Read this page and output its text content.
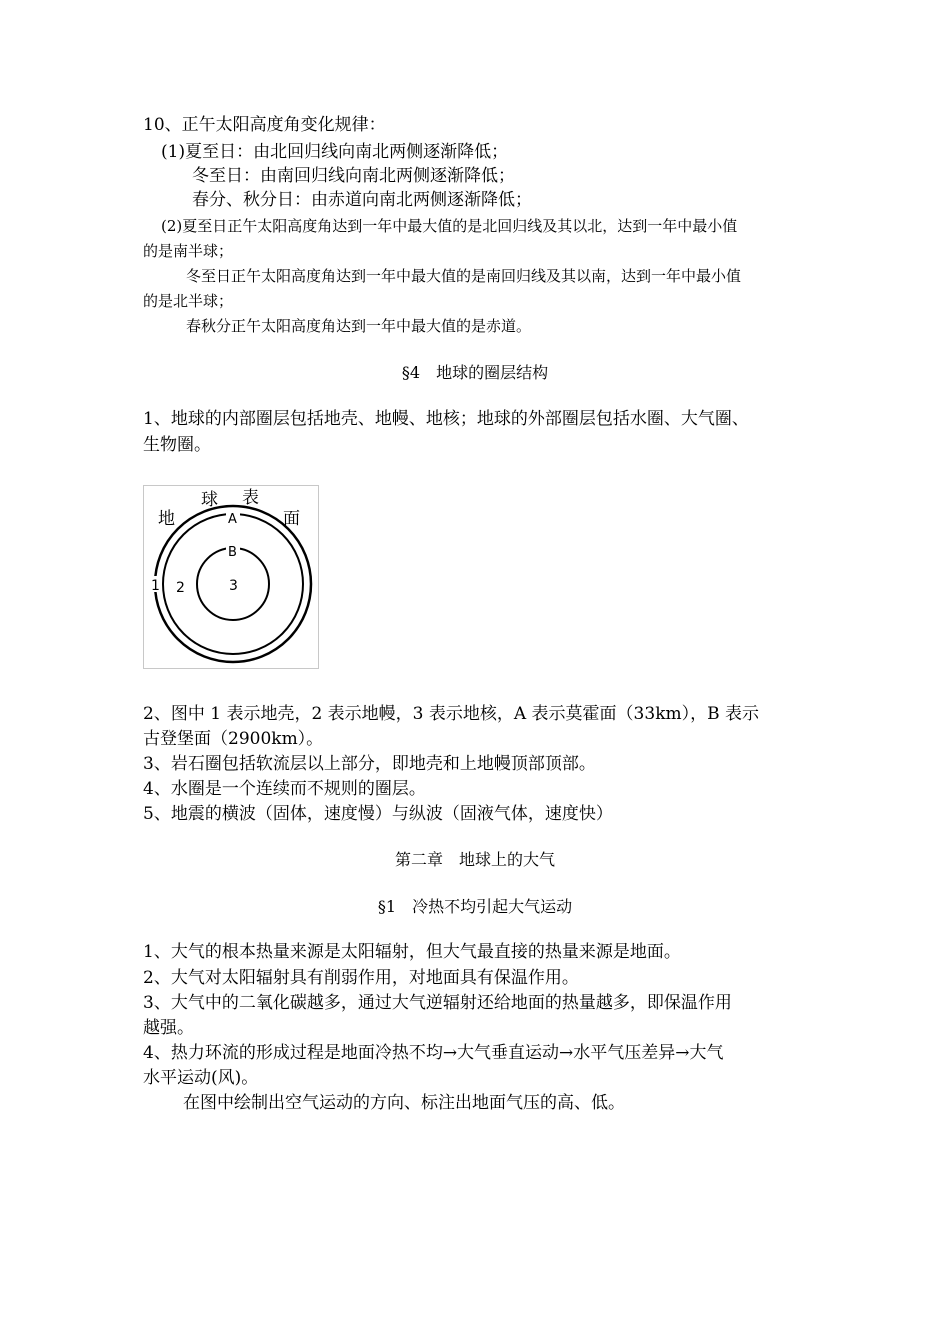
10、正午太阳高度角变化规律：
(1)夏至日：由北回归线向南北两侧逐渐降低；
冬至日：由南回归线向南北两侧逐渐降低；
春分、秋分日：由赤道向南北两侧逐渐降低；
(2)夏至日正午太阳高度角达到一年中最大值的是北回归线及其以北，达到一年中最小值
的是南半球；
冬至日正午太阳高度角达到一年中最大值的是南回归线及其以南，达到一年中最小值
的是北半球；
春秋分正午太阳高度角达到一年中最大值的是赤道。
§4　地球的圈层结构
1、地球的内部圈层包括地壳、地幔、地核；地球的外部圈层包括水圈、大气圈、
生物圈。
地
球 表
面
A
B
1 2	3
2、图中 1 表示地壳，2 表示地幔，3 表示地核，A 表示莫霍面（33km），B 表示
古登堡面（2900km）。
3、岩石圈包括软流层以上部分，即地壳和上地幔顶部顶部。
4、水圈是一个连续而不规则的圈层。
5、地震的横波（固体，速度慢）与纵波（固液气体，速度快）
第二章　地球上的大气
§1　冷热不均引起大气运动
1、大气的根本热量来源是太阳辐射，但大气最直接的热量来源是地面。
2、大气对太阳辐射具有削弱作用，对地面具有保温作用。
3、大气中的二氧化碳越多，通过大气逆辐射还给地面的热量越多，即保温作用
越强。
4、热力环流的形成过程是地面冷热不均→大气垂直运动→水平气压差异→大气
水平运动(风)。
在图中绘制出空气运动的方向、标注出地面气压的高、低。
